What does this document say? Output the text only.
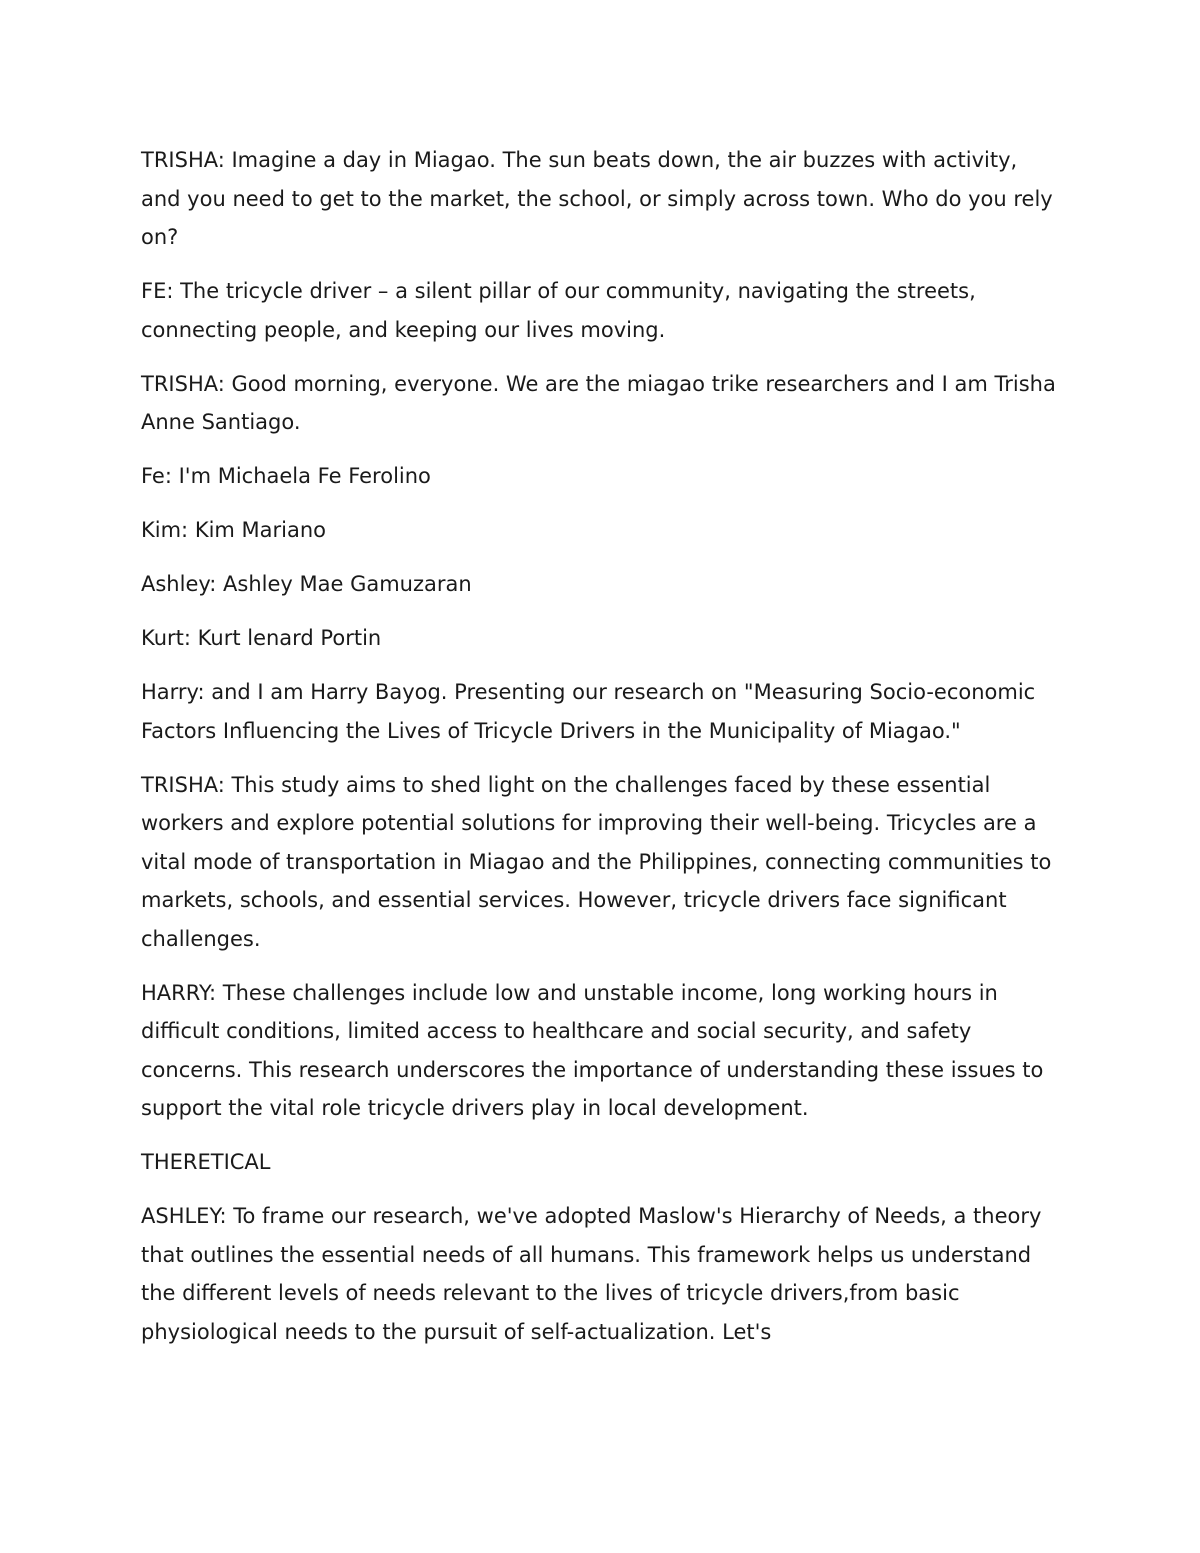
TRISHA: Imagine a day in Miagao. The sun beats down, the air buzzes with activity, and you need to get to the market, the school, or simply across town. Who do you rely on?

FE: The tricycle driver – a silent pillar of our community, navigating the streets, connecting people, and keeping our lives moving.

TRISHA: Good morning, everyone. We are the miagao trike researchers and I am Trisha Anne Santiago.

Fe: I'm Michaela Fe Ferolino

Kim: Kim Mariano

Ashley: Ashley Mae Gamuzaran

Kurt: Kurt lenard Portin

Harry: and I am Harry Bayog. Presenting our research on "Measuring Socio-economic Factors Influencing the Lives of Tricycle Drivers in the Municipality of Miagao."

TRISHA: This study aims to shed light on the challenges faced by these essential workers and explore potential solutions for improving their well-being. Tricycles are a vital mode of transportation in Miagao and the Philippines, connecting communities to markets, schools, and essential services. However, tricycle drivers face significant challenges.

HARRY: These challenges include low and unstable income, long working hours in difficult conditions, limited access to healthcare and social security, and safety concerns. This research underscores the importance of understanding these issues to support the vital role tricycle drivers play in local development.

THERETICAL

ASHLEY: To frame our research, we've adopted Maslow's Hierarchy of Needs, a theory that outlines the essential needs of all humans. This framework helps us understand the different levels of needs relevant to the lives of tricycle drivers,from basic physiological needs to the pursuit of self-actualization. Let's
